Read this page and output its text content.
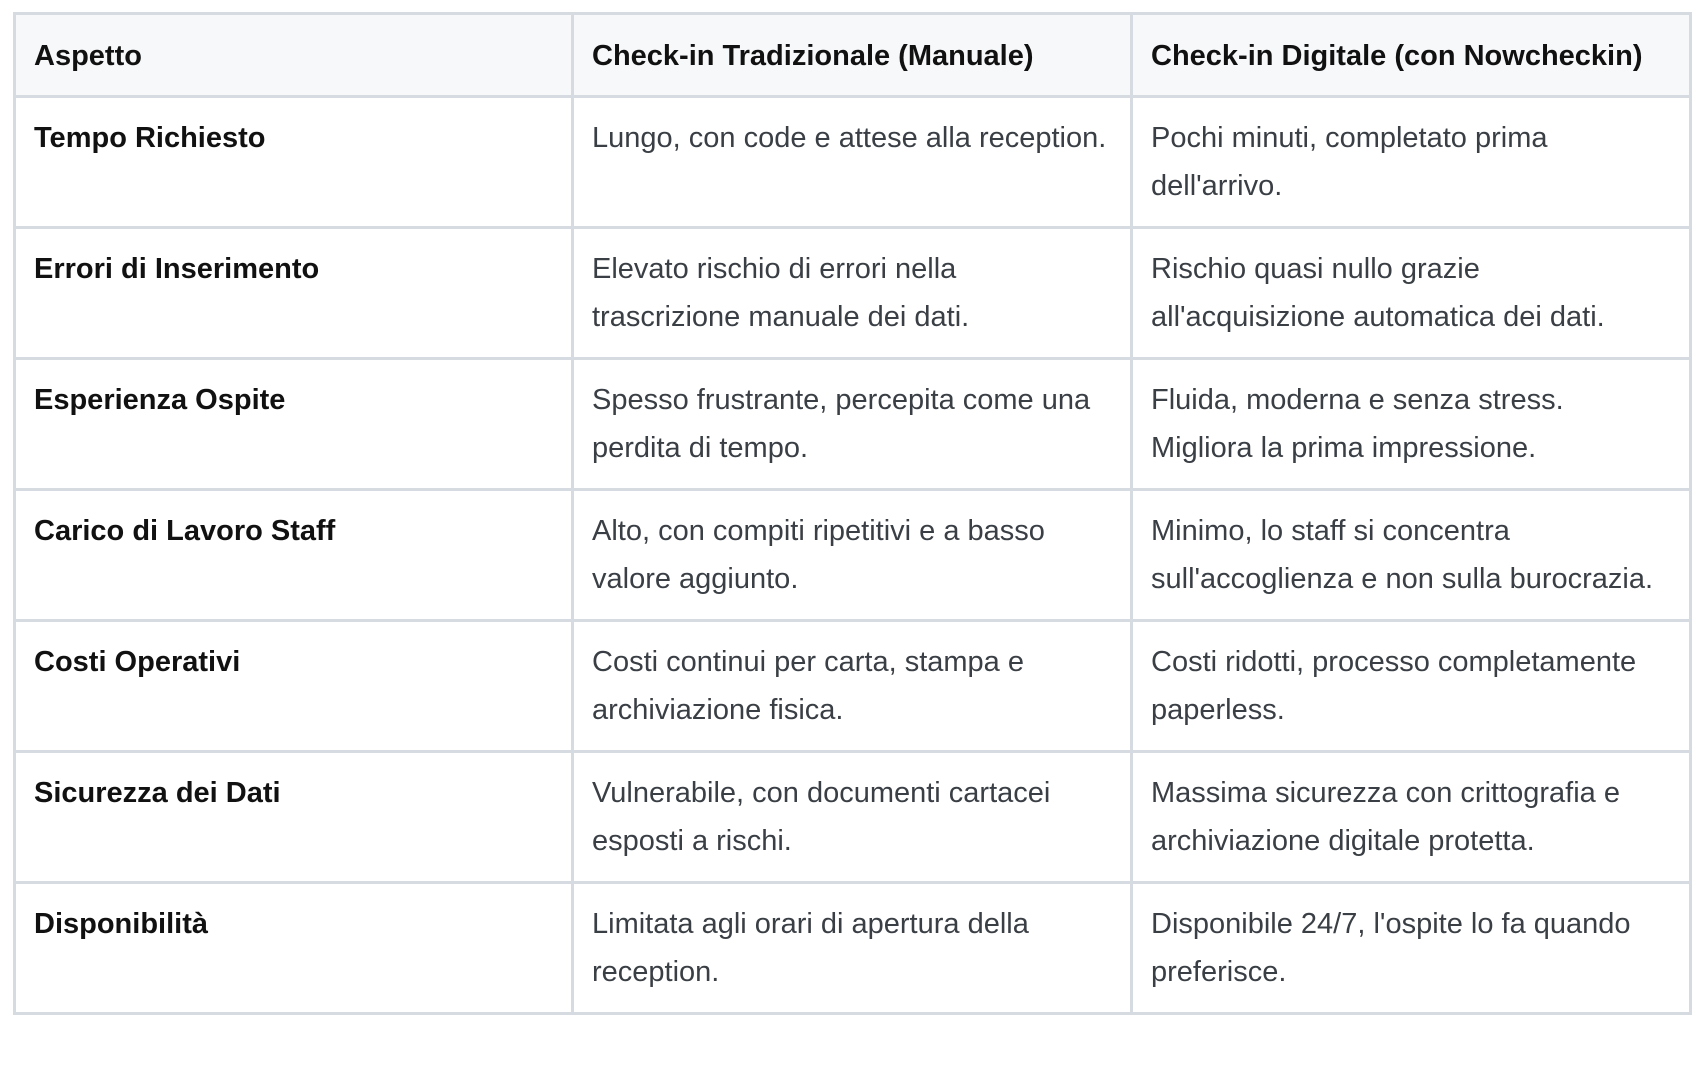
Aspetto	Check-in Tradizionale (Manuale)	Check-in Digitale (con Nowcheckin)
Tempo Richiesto	Lungo, con code e attese alla reception.	Pochi minuti, completato prima dell'arrivo.
Errori di Inserimento	Elevato rischio di errori nella trascrizione manuale dei dati.	Rischio quasi nullo grazie all'acquisizione automatica dei dati.
Esperienza Ospite	Spesso frustrante, percepita come una perdita di tempo.	Fluida, moderna e senza stress. Migliora la prima impressione.
Carico di Lavoro Staff	Alto, con compiti ripetitivi e a basso valore aggiunto.	Minimo, lo staff si concentra sull'accoglienza e non sulla burocrazia.
Costi Operativi	Costi continui per carta, stampa e archiviazione fisica.	Costi ridotti, processo completamente paperless.
Sicurezza dei Dati	Vulnerabile, con documenti cartacei esposti a rischi.	Massima sicurezza con crittografia e archiviazione digitale protetta.
Disponibilità	Limitata agli orari di apertura della reception.	Disponibile 24/7, l'ospite lo fa quando preferisce.
